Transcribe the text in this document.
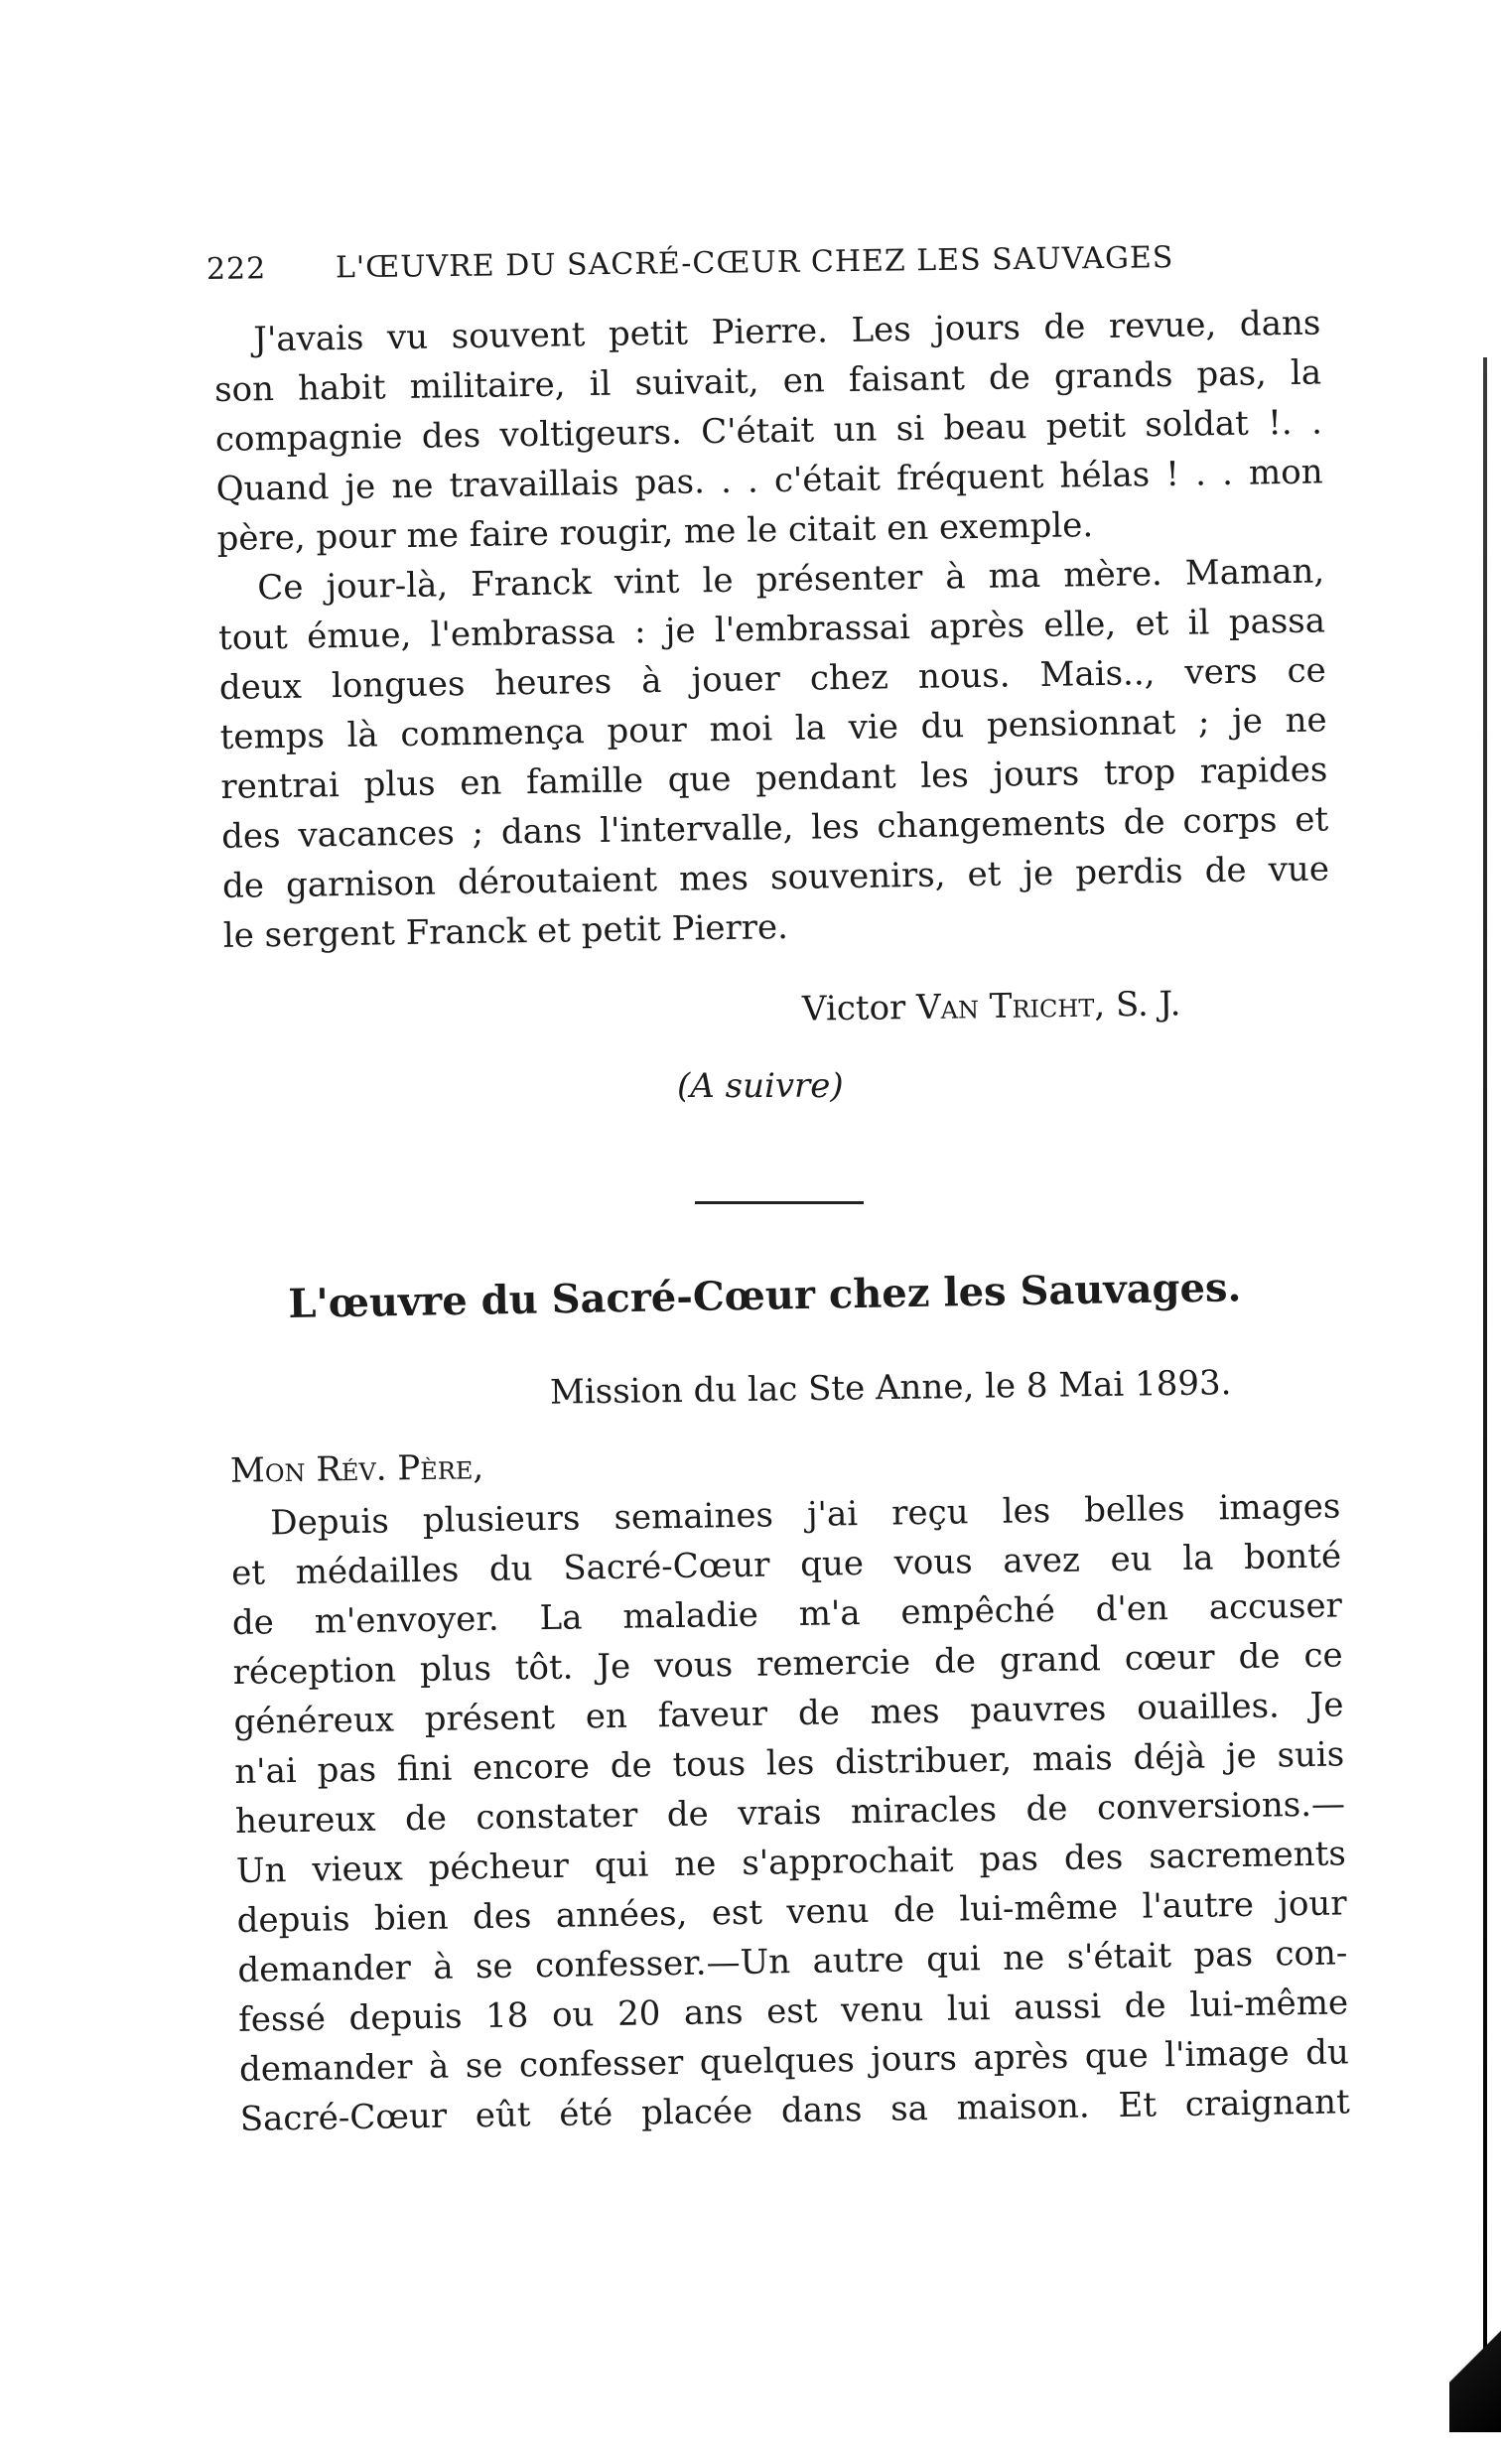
222 L'ŒUVRE DU SACRÉ-CŒUR CHEZ LES SAUVAGES
J'avais vu souvent petit Pierre. Les jours de revue, dans
son habit militaire, il suivait, en faisant de grands pas, la
compagnie des voltigeurs. C'était un si beau petit soldat !. .
Quand je ne travaillais pas. . . c'était fréquent hélas ! . . mon
père, pour me faire rougir, me le citait en exemple.
Ce jour-là, Franck vint le présenter à ma mère. Maman,
tout émue, l'embrassa : je l'embrassai après elle, et il passa
deux longues heures à jouer chez nous. Mais.., vers ce
temps là commença pour moi la vie du pensionnat ; je ne
rentrai plus en famille que pendant les jours trop rapides
des vacances ; dans l'intervalle, les changements de corps et
de garnison déroutaient mes souvenirs, et je perdis de vue
le sergent Franck et petit Pierre.
Victor Van Tricht, S. J.
(A suivre)
L'œuvre du Sacré-Cœur chez les Sauvages.
Mission du lac Ste Anne, le 8 Mai 1893.
Mon Rév. Père,
Depuis plusieurs semaines j'ai reçu les belles images
et médailles du Sacré-Cœur que vous avez eu la bonté
de m'envoyer. La maladie m'a empêché d'en accuser
réception plus tôt. Je vous remercie de grand cœur de ce
généreux présent en faveur de mes pauvres ouailles. Je
n'ai pas fini encore de tous les distribuer, mais déjà je suis
heureux de constater de vrais miracles de conversions.—
Un vieux pécheur qui ne s'approchait pas des sacrements
depuis bien des années, est venu de lui-même l'autre jour
demander à se confesser.—Un autre qui ne s'était pas con-
fessé depuis 18 ou 20 ans est venu lui aussi de lui-même
demander à se confesser quelques jours après que l'image du
Sacré-Cœur eût été placée dans sa maison. Et craignant
